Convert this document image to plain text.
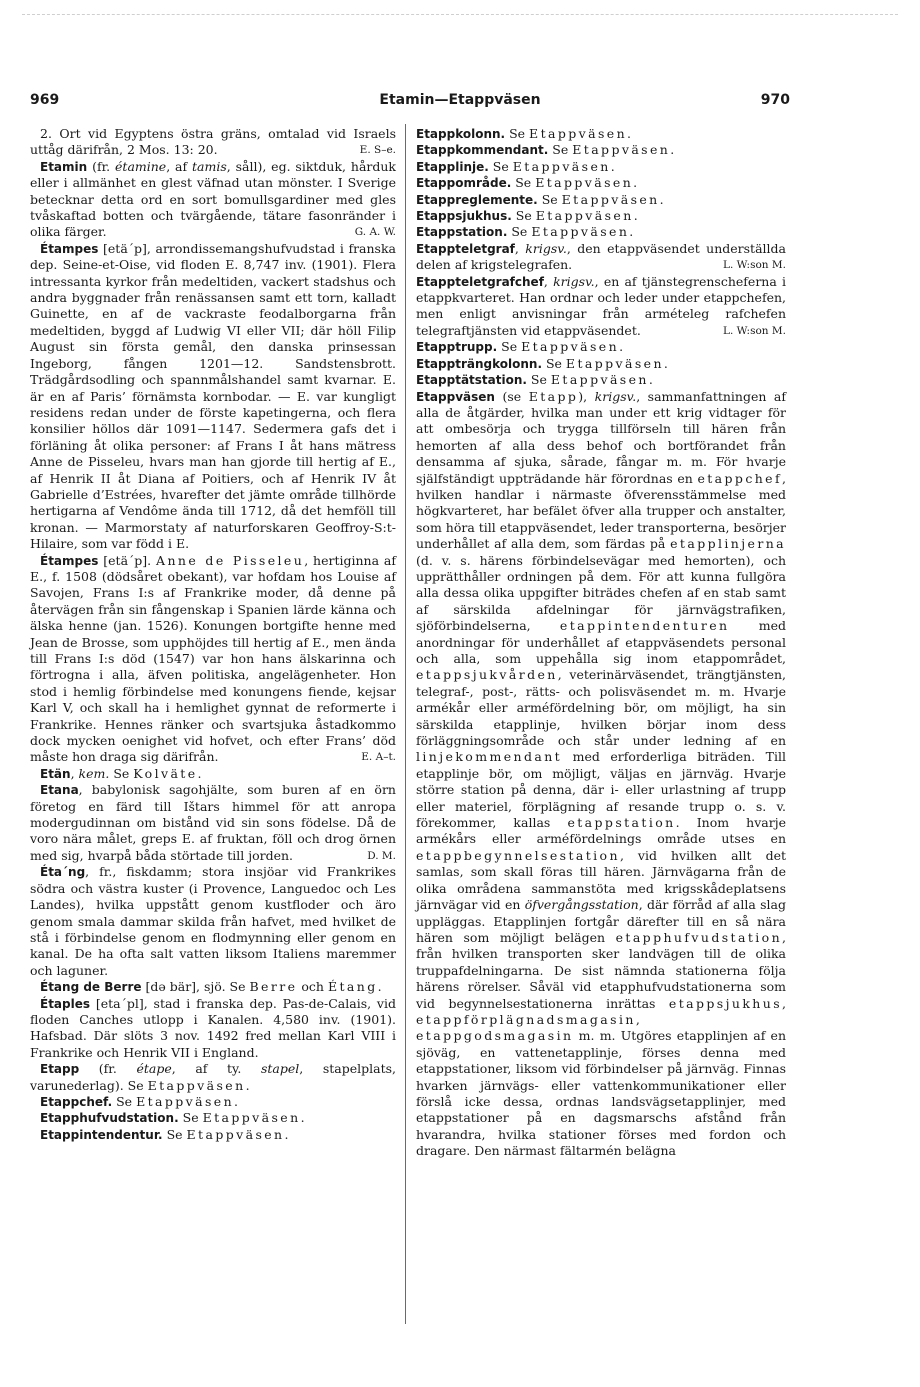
969	Etamin—Etappväsen	970

2. Ort vid Egyptens östra gräns, omtalad vid Israels uttåg därifrån, 2 Mos. 13: 20.	E. S–e.

Etamin (fr. étamine, af tamis, såll), eg. siktduk, hårduk eller i allmänhet en glest väfnad utan mönster. I Sverige betecknar detta ord en sort bomullsgardiner med gles tvåskaftad botten och tvärgående, tätare fasonränder i olika färger.	G. A. W.

Étampes [etä´p], arrondissemangshufvudstad i franska dep. Seine-et-Oise, vid floden E. 8,747 inv. (1901). Flera intressanta kyrkor från medeltiden, vackert stadshus och andra byggnader från renässansen samt ett torn, kalladt Guinette, en af de vackraste feodalborgarna från medeltiden, byggd af Ludwig VI eller VII; där höll Filip August sin första gemål, den danska prinsessan Ingeborg, fången 1201—12. Sandstensbrott. Trädgårdsodling och spannmålshandel samt kvarnar. E. är en af Paris’ förnämsta kornbodar. — E. var kungligt residens redan under de förste kapetingerna, och flera konsilier höllos där 1091—1147. Sedermera gafs det i förläning åt olika personer: af Frans I åt hans mätress Anne de Pisseleu, hvars man han gjorde till hertig af E., af Henrik II åt Diana af Poitiers, och af Henrik IV åt Gabrielle d’Estrées, hvarefter det jämte område tillhörde hertigarna af Vendôme ända till 1712, då det hemföll till kronan. — Marmorstaty af naturforskaren Geoffroy-S:t-Hilaire, som var född i E.

Étampes [etä´p]. Anne de Pisseleu, hertiginna af E., f. 1508 (dödsåret obekant), var hofdam hos Louise af Savojen, Frans I:s af Frankrike moder, då denne på återvägen från sin fångenskap i Spanien lärde känna och älska henne (jan. 1526). Konungen bortgifte henne med Jean de Brosse, som upphöjdes till hertig af E., men ända till Frans I:s död (1547) var hon hans älskarinna och förtrogna i alla, äfven politiska, angelägenheter. Hon stod i hemlig förbindelse med konungens fiende, kejsar Karl V, och skall ha i hemlighet gynnat de reformerte i Frankrike. Hennes ränker och svartsjuka åstadkommo dock mycken oenighet vid hofvet, och efter Frans’ död måste hon draga sig därifrån.	E. A–t.

Etän, kem. Se Kolväte.

Etana, babylonisk sagohjälte, som buren af en örn företog en färd till Ištars himmel för att anropa modergudinnan om bistånd vid sin sons födelse. Då de voro nära målet, greps E. af fruktan, föll och drog örnen med sig, hvarpå båda störtade till jorden.	D. M.

Éta´ng, fr., fiskdamm; stora insjöar vid Frankrikes södra och västra kuster (i Provence, Languedoc och Les Landes), hvilka uppstått genom kustfloder och äro genom smala dammar skilda från hafvet, med hvilket de stå i förbindelse genom en flodmynning eller genom en kanal. De ha ofta salt vatten liksom Italiens maremmer och laguner.

Étang de Berre [də bär], sjö. Se Berre och Étang.

Étaples [eta´pl], stad i franska dep. Pas-de-Calais, vid floden Canches utlopp i Kanalen. 4,580 inv. (1901). Hafsbad. Där slöts 3 nov. 1492 fred mellan Karl VIII i Frankrike och Henrik VII i England.

Etapp (fr. étape, af ty. stapel, stapelplats, varunederlag). Se Etappväsen.

Etappchef. Se Etappväsen.

Etapphufvudstation. Se Etappväsen.

Etappintendentur. Se Etappväsen.

Etappkolonn. Se Etappväsen.

Etappkommendant. Se Etappväsen.

Etapplinje. Se Etappväsen.

Etappområde. Se Etappväsen.

Etappreglemente. Se Etappväsen.

Etappsjukhus. Se Etappväsen.

Etappstation. Se Etappväsen.

Etappteletgraf, krigsv., den etappväsendet underställda delen af krigstelegrafen.	L. W:son M.

Etappteletgrafchef, krigsv., en af tjänstegrenscheferna i etappkvarteret. Han ordnar och leder under etappchefen, men enligt anvisningar från armételeg rafchefen telegraftjänsten vid etappväsendet.	L. W:son M.

Etapptrupp. Se Etappväsen.

Etappträngkolonn. Se Etappväsen.

Etapptätstation. Se Etappväsen.

Etappväsen (se Etapp), krigsv., sammanfattningen af alla de åtgärder, hvilka man under ett krig vidtager för att ombesörja och trygga tillförseln till hären från hemorten af alla dess behof och bortförandet från densamma af sjuka, sårade, fångar m. m. För hvarje själfständigt uppträdande här förordnas en etappchef, hvilken handlar i närmaste öfverensstämmelse med högkvarteret, har befälet öfver alla trupper och anstalter, som höra till etappväsendet, leder transporterna, besörjer underhållet af alla dem, som färdas på etapplinjerna (d. v. s. härens förbindelsevägar med hemorten), och upprätthåller ordningen på dem. För att kunna fullgöra alla dessa olika uppgifter biträdes chefen af en stab samt af särskilda afdelningar för järnvägstrafiken, sjöförbindelserna, etappintendenturen med anordningar för underhållet af etappväsendets personal och alla, som uppehålla sig inom etappområdet, etappsjukvården, veterinärväsendet, trängtjänsten, telegraf-, post-, rätts- och polisväsendet m. m. Hvarje armékår eller arméfördelning bör, om möjligt, ha sin särskilda etapplinje, hvilken börjar inom dess förläggningsområde och står under ledning af en linjekommendant med erforderliga biträden. Till etapplinje bör, om möjligt, väljas en järnväg. Hvarje större station på denna, där i- eller urlastning af trupp eller materiel, förplägning af resande trupp o. s. v. förekommer, kallas etappstation. Inom hvarje armékårs eller arméfördelnings område utses en etappbegynnelsestation, vid hvilken allt det samlas, som skall föras till hären. Järnvägarna från de olika områdena sammanstöta med krigsskådeplatsens järnvägar vid en öfvergångsstation, där förråd af alla slag uppläggas. Etapplinjen fortgår därefter till en så nära hären som möjligt belägen etapphufvudstation, från hvilken transporten sker landvägen till de olika truppafdelningarna. De sist nämnda stationerna följa härens rörelser. Såväl vid etapphufvudstationerna som vid begynnelsestationerna inrättas etappsjukhus, etappförplägnadsmagasin, etappgodsmagasin m. m. Utgöres etapplinjen af en sjöväg, en vattenetapplinje, förses denna med etappstationer, liksom vid förbindelser på järnväg. Finnas hvarken järnvägs- eller vattenkommunikationer eller förslå icke dessa, ordnas landsvägsetapplinjer, med etappstationer på en dagsmarschs afstånd från hvarandra, hvilka stationer förses med fordon och dragare. Den närmast fältarmén belägna
